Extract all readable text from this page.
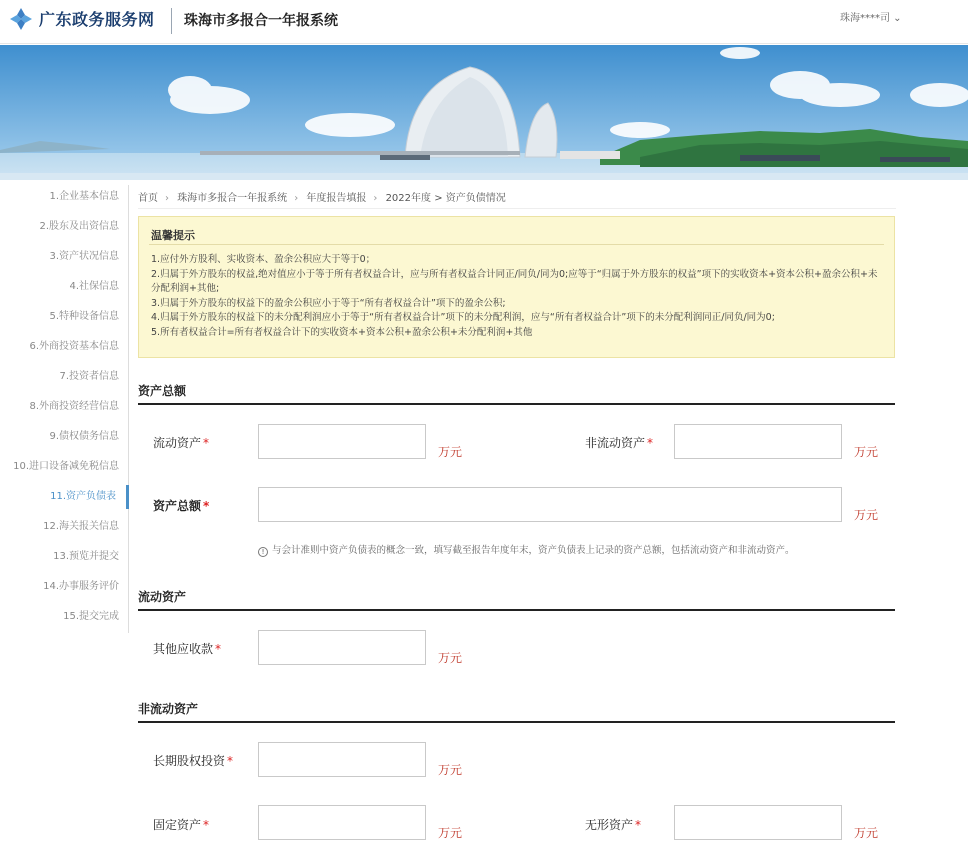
广东政务服务网 珠海市多报合一年报系统	珠海****司 ⌄
1.企业基本信息
2.股东及出资信息
3.资产状况信息
4.社保信息
5.特种设备信息
6.外商投资基本信息
7.投资者信息
8.外商投资经营信息
9.债权债务信息
10.进口设备减免税信息
11.资产负债表
12.海关报关信息
13.预览并提交
14.办事服务评价
15.提交完成
首页 › 珠海市多报合一年报系统 › 年度报告填报 › 2022年度 > 资产负债情况
温馨提示
1.应付外方股利、实收资本、盈余公积应大于等于0；
2.归属于外方股东的权益,绝对值应小于等于所有者权益合计，应与所有者权益合计同正/同负/同为0;应等于“归属于外方股东的权益”项下的实收资本+资本公积+盈余公积+未分配利润+其他;
3.归属于外方股东的权益下的盈余公积应小于等于“所有者权益合计”项下的盈余公积;
4.归属于外方股东的权益下的未分配利润应小于等于“所有者权益合计”项下的未分配利润，应与“所有者权益合计”项下的未分配利润同正/同负/同为0;
5.所有者权益合计=所有者权益合计下的实收资本+资本公积+盈余公积+未分配利润+其他
资产总额
流动资产 *
万元
非流动资产 *
万元
资产总额 *
万元
! 与会计准则中资产负债表的概念一致，填写截至报告年度年末，资产负债表上记录的资产总额，包括流动资产和非流动资产。
流动资产
其他应收款 *
万元
非流动资产
长期股权投资 *
万元
固定资产 *
万元
无形资产 *
万元
